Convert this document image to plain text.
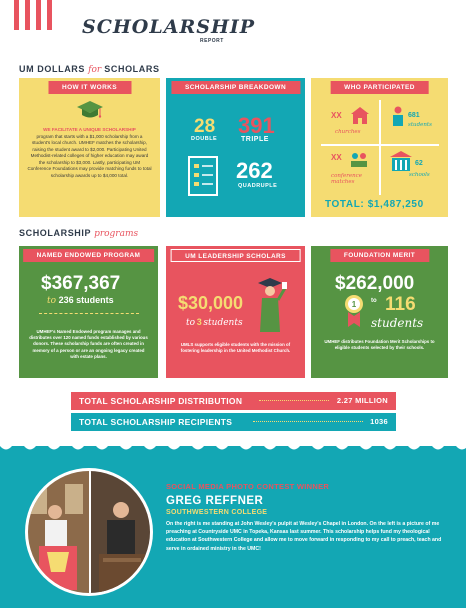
SCHOLARSHIP
REPORT
UM DOLLARS for SCHOLARS
HOW IT WORKS
WE FACILITATE A UNIQUE SCHOLARSHIP
program that starts with a $1,000 scholarship from a student's local church. UMHEF matches the scholarship, raising the student award to $2,000. Participating United Methodist-related colleges of higher education may award the scholarship to $3,000. Lastly, participating UM Conference Foundations may provide matching funds to total scholarship awards up to $4,000 total.
SCHOLARSHIP BREAKDOWN
28
DOUBLE
391
TRIPLE
262
QUADRUPLE
WHO PARTICIPATED
XX
churches
681
students
XX
conference matches
62
schools
TOTAL: $1,487,250
SCHOLARSHIP programs
NAMED ENDOWED PROGRAM
$367,367
to 236 students
UMHEF's Named Endowed program manages and distributes over 120 named funds established by various donors. These scholarship funds are often created in memory of a person or are an ongoing legacy created with estate plans.
UM LEADERSHIP SCHOLARS
$30,000
to 3 students
UMLS supports eligible students with the mission of fostering leadership in the United Methodist Church.
FOUNDATION MERIT
$262,000
1 to 116
students
UMHEF distributes Foundation Merit Scholarships to eligible students selected by their schools.
TOTAL SCHOLARSHIP DISTRIBUTION	2.27 MILLION
TOTAL SCHOLARSHIP RECIPIENTS	1036
SOCIAL MEDIA PHOTO CONTEST WINNER
GREG REFFNER
SOUTHWESTERN COLLEGE
On the right is me standing at John Wesley's pulpit at Wesley's Chapel in London. On the left is a picture of me preaching at Countryside UMC in Topeka, Kansas last summer. This scholarship helps fund my theological education at Southwestern College and allow me to move forward in responding to my call to preach, teach and serve in ordained ministry in the UMC!
